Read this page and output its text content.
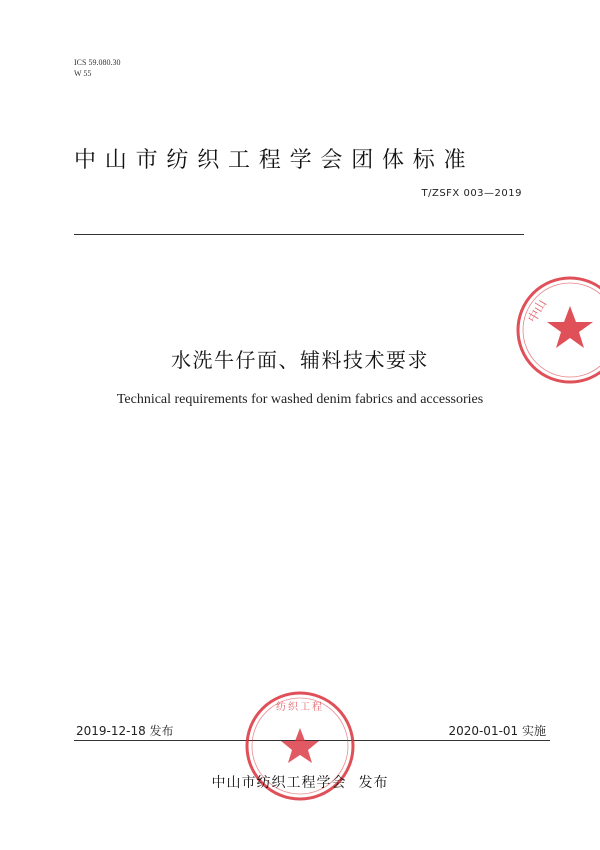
ICS 59.080.30
W 55
中山市纺织工程学会团体标准
T/ZSFX 003—2019
中山
水洗牛仔面、辅料技术要求
Technical requirements for washed denim fabrics and accessories
2019-12-18 发布	2020-01-01 实施
纺织工程
中山市纺织工程学会 发布
